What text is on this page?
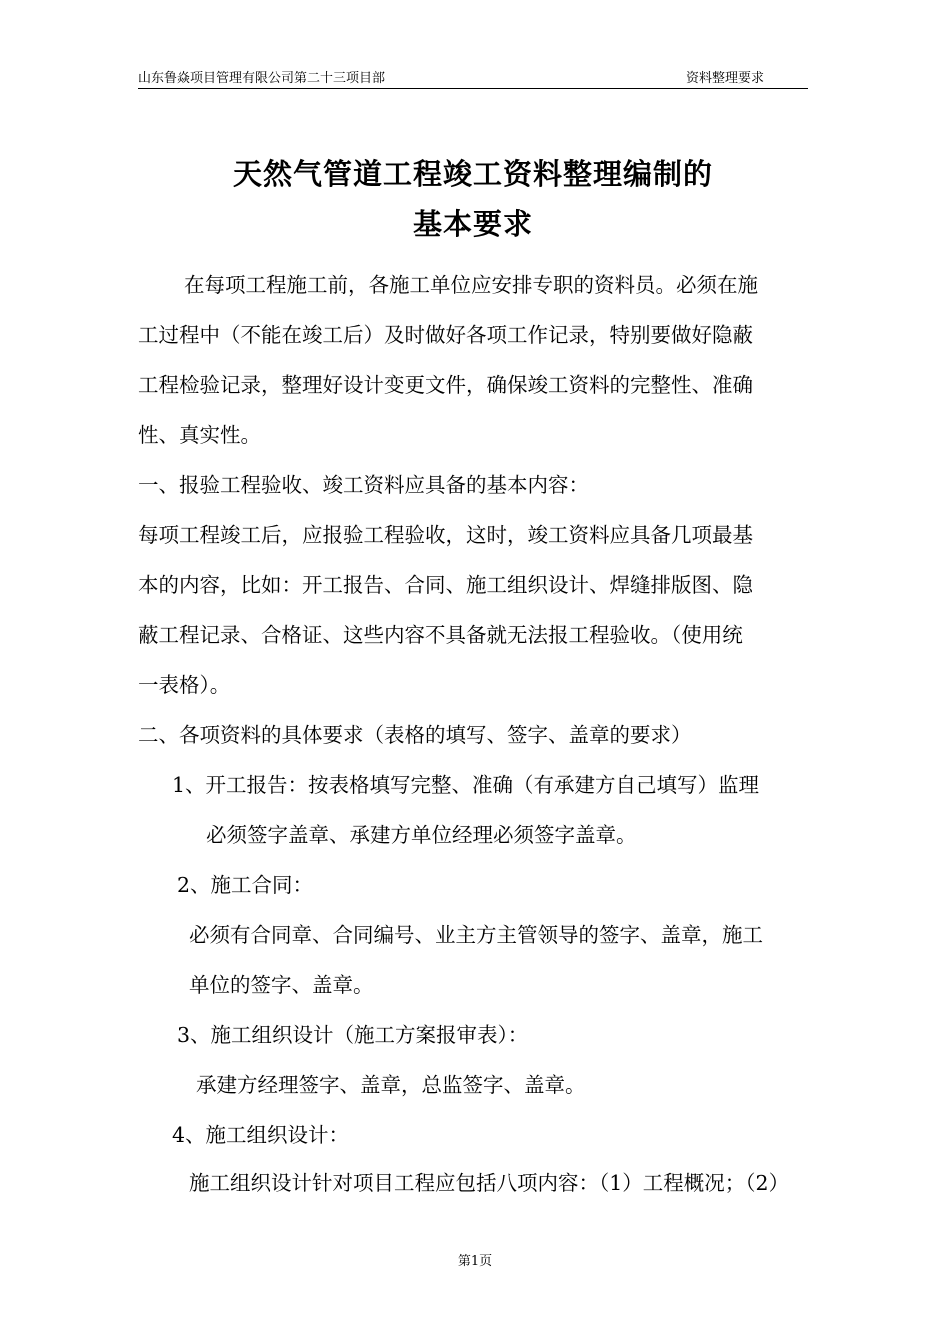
山东鲁焱项目管理有限公司第二十三项目部	资料整理要求
天然气管道工程竣工资料整理编制的
基本要求
在每项工程施工前，各施工单位应安排专职的资料员。必须在施
工过程中（不能在竣工后）及时做好各项工作记录，特别要做好隐蔽
工程检验记录，整理好设计变更文件，确保竣工资料的完整性、准确
性、真实性。
一、报验工程验收、竣工资料应具备的基本内容：
每项工程竣工后，应报验工程验收，这时，竣工资料应具备几项最基
本的内容，比如：开工报告、合同、施工组织设计、焊缝排版图、隐
蔽工程记录、合格证、这些内容不具备就无法报工程验收。（使用统
一表格）。
二、各项资料的具体要求（表格的填写、签字、盖章的要求）
1、开工报告：按表格填写完整、准确（有承建方自己填写）监理
必须签字盖章、承建方单位经理必须签字盖章。
2、施工合同：
必须有合同章、合同编号、业主方主管领导的签字、盖章，施工
单位的签字、盖章。
3、施工组织设计（施工方案报审表）：
承建方经理签字、盖章，总监签字、盖章。
4、施工组织设计：
施工组织设计针对项目工程应包括八项内容：（1）工程概况；（2）
第1页
